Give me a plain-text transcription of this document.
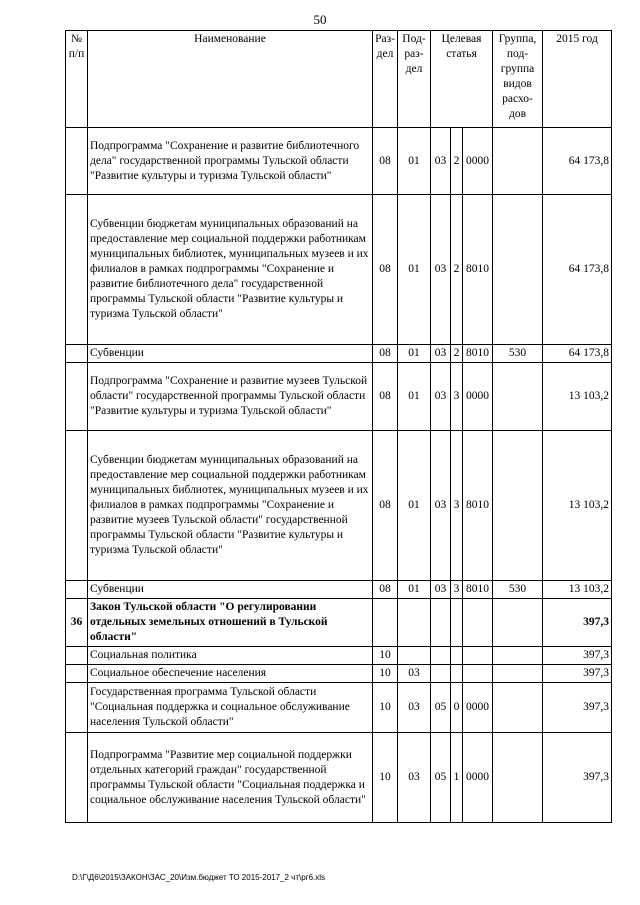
50
№ п/п	Наименование	Раз- дел	Под- раз- дел	Целевая статья			Группа, под- группа видов расхо- дов	2015 год
	Подпрограмма "Сохранение и развитие библиотечного дела" государственной программы Тульской области "Развитие культуры и туризма Тульской области"	08	01	03	2	0000		64 173,8
	Субвенции бюджетам муниципальных образований на предоставление мер социальной поддержки работникам муниципальных библиотек, муниципальных музеев и их филиалов в рамках подпрограммы "Сохранение и развитие библиотечного дела" государственной программы Тульской области "Развитие культуры и туризма Тульской области"	08	01	03	2	8010		64 173,8
	Субвенции	08	01	03	2	8010	530	64 173,8
	Подпрограмма "Сохранение и развитие музеев Тульской области" государственной программы Тульской области "Развитие культуры и туризма Тульской области"	08	01	03	3	0000		13 103,2
	Субвенции бюджетам муниципальных образований на предоставление мер социальной поддержки работникам муниципальных библиотек, муниципальных музеев и их филиалов в рамках подпрограммы "Сохранение и развитие музеев Тульской области" государственной программы Тульской области "Развитие культуры и туризма Тульской области"	08	01	03	3	8010		13 103,2
	Субвенции	08	01	03	3	8010	530	13 103,2
36	Закон Тульской области "О регулировании отдельных земельных отношений в Тульской области"							397,3
	Социальная политика	10						397,3
	Социальное обеспечение населения	10	03					397,3
	Государственная программа Тульской области "Социальная поддержка и социальное обслуживание населения Тульской области"	10	03	05	0	0000		397,3
	Подпрограмма "Развитие мер социальной поддержки отдельных категорий граждан" государственной программы Тульской области "Социальная поддержка и социальное обслуживание населения Тульской области"	10	03	05	1	0000		397,3
D:\Г\Д6\2015\ЗАКОН\ЗАС_20\Изм.бюджет ТО 2015-2017_2 чт\рг6.xls
